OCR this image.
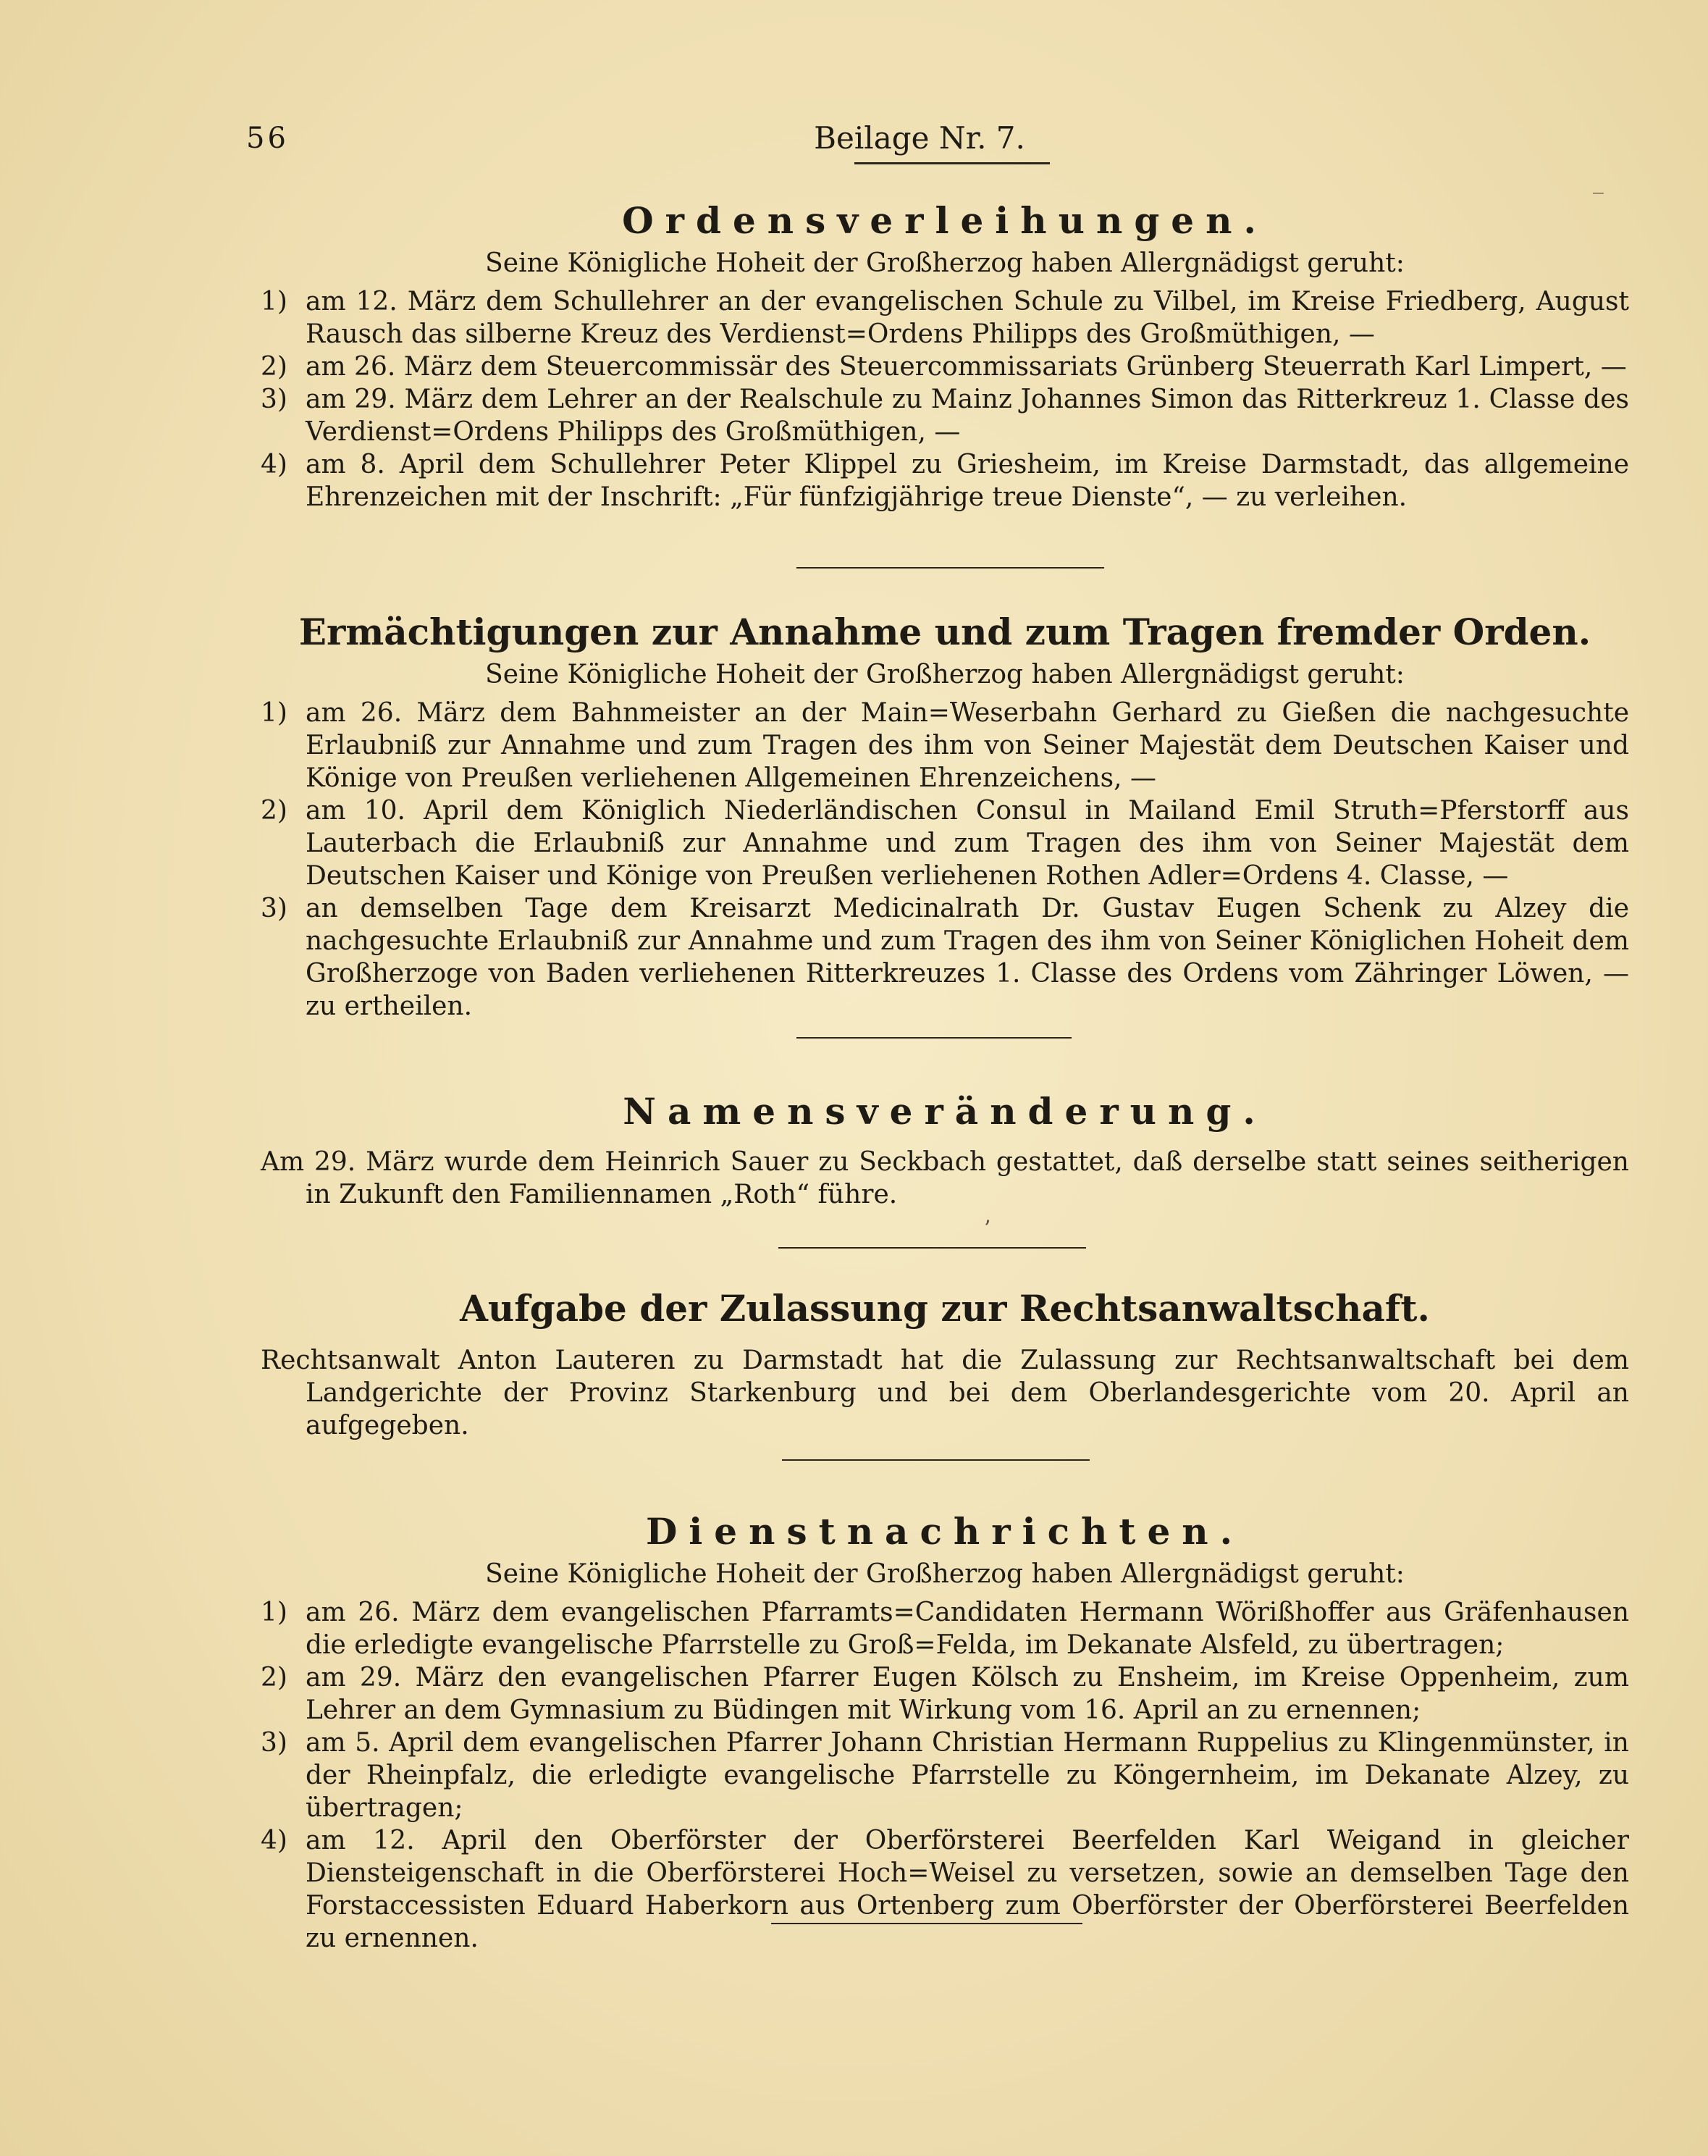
56	Beilage Nr. 7.
‾
Ordensverleihungen.

Seine Königliche Hoheit der Großherzog haben Allergnädigst geruht:

1) am 12. März dem Schullehrer an der evangelischen Schule zu Vilbel, im Kreise Friedberg, August Rausch das silberne Kreuz des Verdienst=Ordens Philipps des Großmüthigen, —

2) am 26. März dem Steuercommissär des Steuercommissariats Grünberg Steuerrath Karl Limpert, —

3) am 29. März dem Lehrer an der Realschule zu Mainz Johannes Simon das Ritterkreuz 1. Classe des Verdienst=Ordens Philipps des Großmüthigen, —

4) am 8. April dem Schullehrer Peter Klippel zu Griesheim, im Kreise Darmstadt, das allgemeine Ehrenzeichen mit der Inschrift: „Für fünfzigjährige treue Dienste“, — zu verleihen.

Ermächtigungen zur Annahme und zum Tragen fremder Orden.

Seine Königliche Hoheit der Großherzog haben Allergnädigst geruht:

1) am 26. März dem Bahnmeister an der Main=Weserbahn Gerhard zu Gießen die nachgesuchte Erlaubniß zur Annahme und zum Tragen des ihm von Seiner Majestät dem Deutschen Kaiser und Könige von Preußen verliehenen Allgemeinen Ehrenzeichens, —

2) am 10. April dem Königlich Niederländischen Consul in Mailand Emil Struth=Pferstorff aus Lauterbach die Erlaubniß zur Annahme und zum Tragen des ihm von Seiner Majestät dem Deutschen Kaiser und Könige von Preußen verliehenen Rothen Adler=Ordens 4. Classe, —

3) an demselben Tage dem Kreisarzt Medicinalrath Dr. Gustav Eugen Schenk zu Alzey die nachgesuchte Erlaubniß zur Annahme und zum Tragen des ihm von Seiner Königlichen Hoheit dem Großherzoge von Baden verliehenen Ritterkreuzes 1. Classe des Ordens vom Zähringer Löwen, — zu ertheilen.

Namensveränderung.

Am 29. März wurde dem Heinrich Sauer zu Seckbach gestattet, daß derselbe statt seines seitherigen in Zukunft den Familiennamen „Roth“ führe.

ʼ
Aufgabe der Zulassung zur Rechtsanwaltschaft.

Rechtsanwalt Anton Lauteren zu Darmstadt hat die Zulassung zur Rechtsanwaltschaft bei dem Landgerichte der Provinz Starkenburg und bei dem Oberlandesgerichte vom 20. April an aufgegeben.

Dienstnachrichten.

Seine Königliche Hoheit der Großherzog haben Allergnädigst geruht:

1) am 26. März dem evangelischen Pfarramts=Candidaten Hermann Wörißhoffer aus Gräfenhausen die erledigte evangelische Pfarrstelle zu Groß=Felda, im Dekanate Alsfeld, zu übertragen;

2) am 29. März den evangelischen Pfarrer Eugen Kölsch zu Ensheim, im Kreise Oppenheim, zum Lehrer an dem Gymnasium zu Büdingen mit Wirkung vom 16. April an zu ernennen;

3) am 5. April dem evangelischen Pfarrer Johann Christian Hermann Ruppelius zu Klingenmünster, in der Rheinpfalz, die erledigte evangelische Pfarrstelle zu Köngernheim, im Dekanate Alzey, zu übertragen;

4) am 12. April den Oberförster der Oberförsterei Beerfelden Karl Weigand in gleicher Diensteigenschaft in die Oberförsterei Hoch=Weisel zu versetzen, sowie an demselben Tage den Forstaccessisten Eduard Haberkorn aus Ortenberg zum Oberförster der Oberförsterei Beerfelden zu ernennen.
